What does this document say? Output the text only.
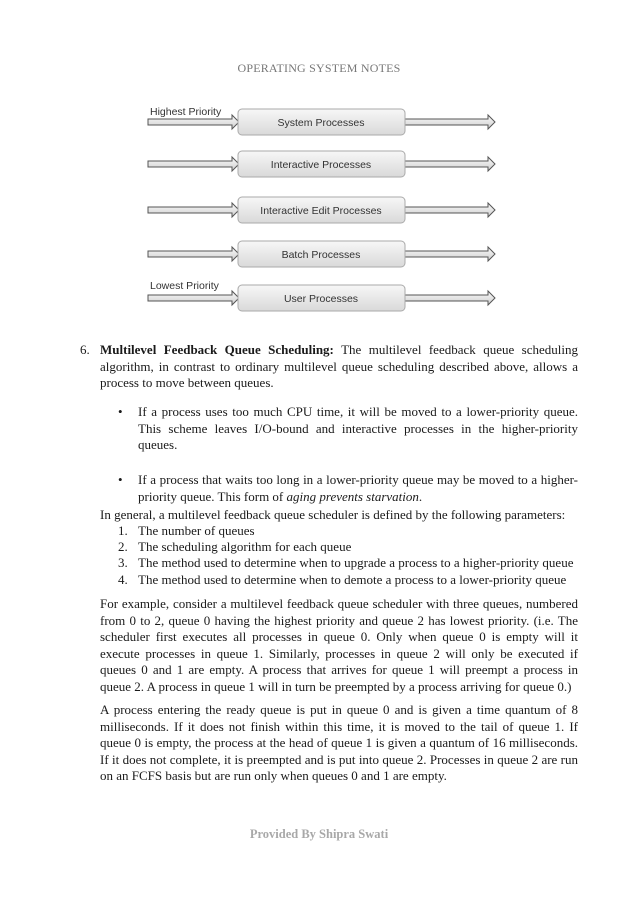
OPERATING SYSTEM NOTES
Highest Priority
Lowest Priority
System Processes
Interactive Processes
Interactive Edit Processes
Batch Processes
User Processes
6. Multilevel Feedback Queue Scheduling: The multilevel feedback queue scheduling algorithm, in contrast to ordinary multilevel queue scheduling described above, allows a process to move between queues.

• If a process uses too much CPU time, it will be moved to a lower-priority queue. This scheme leaves I/O-bound and interactive processes in the higher-priority queues.

• If a process that waits too long in a lower-priority queue may be moved to a higher-priority queue. This form of aging prevents starvation.

In general, a multilevel feedback queue scheduler is defined by the following parameters:

1. The number of queues
2. The scheduling algorithm for each queue
3. The method used to determine when to upgrade a process to a higher-priority queue
4. The method used to determine when to demote a process to a lower-priority queue

For example, consider a multilevel feedback queue scheduler with three queues, numbered from 0 to 2, queue 0 having the highest priority and queue 2 has lowest priority. (i.e. The scheduler first executes all processes in queue 0. Only when queue 0 is empty will it execute processes in queue 1. Similarly, processes in queue 2 will only be executed if queues 0 and 1 are empty. A process that arrives for queue 1 will preempt a process in queue 2. A process in queue 1 will in turn be preempted by a process arriving for queue 0.)

A process entering the ready queue is put in queue 0 and is given a time quantum of 8 milliseconds. If it does not finish within this time, it is moved to the tail of queue 1. If queue 0 is empty, the process at the head of queue 1 is given a quantum of 16 milliseconds. If it does not complete, it is preempted and is put into queue 2. Processes in queue 2 are run on an FCFS basis but are run only when queues 0 and 1 are empty.

Provided By Shipra Swati
